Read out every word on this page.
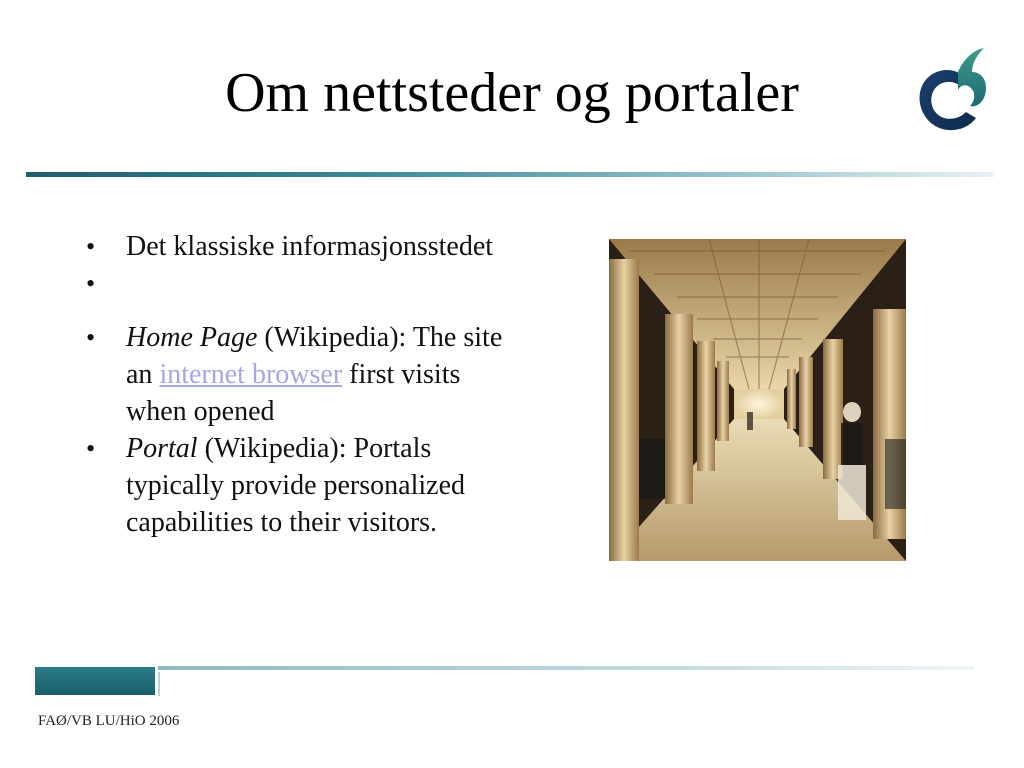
Om nettsteder og portaler
• Det klassiske informasjonsstedet
•
• Home Page (Wikipedia): The site an internet browser first visits when opened
• Portal (Wikipedia): Portals typically provide personalized capabilities to their visitors.
FAØ/VB LU/HiO 2006
